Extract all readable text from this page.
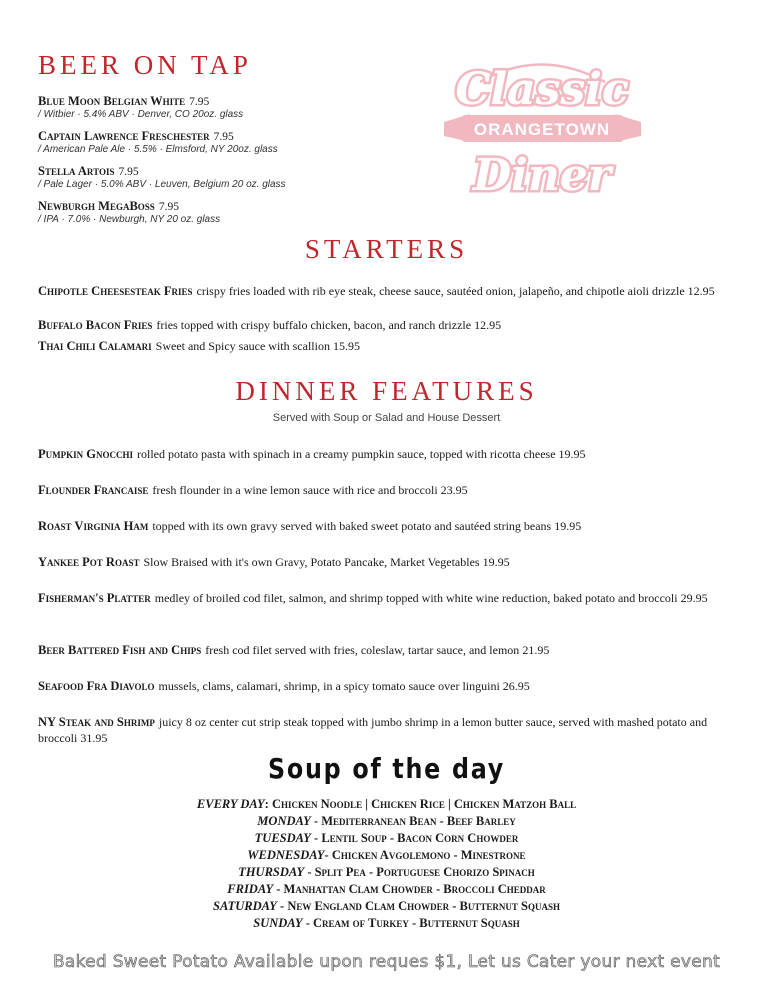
BEER ON TAP
Blue Moon Belgian White 7.95
/ Witbier · 5.4% ABV · Denver, CO 20oz. glass
Captain Lawrence Freschester 7.95
/ American Pale Ale · 5.5% · Elmsford, NY 20oz. glass
Stella Artois 7.95
/ Pale Lager · 5.0% ABV · Leuven, Belgium 20 oz. glass
Newburgh MegaBoss 7.95
/ IPA · 7.0% · Newburgh, NY 20 oz. glass
Classic
ORANGETOWN
Diner
STARTERS
Chipotle Cheesesteak Fries crispy fries loaded with rib eye steak, cheese sauce, sautéed onion, jalapeño, and chipotle aioli drizzle 12.95
Buffalo Bacon Fries fries topped with crispy buffalo chicken, bacon, and ranch drizzle 12.95
Thai Chili Calamari Sweet and Spicy sauce with scallion 15.95
DINNER FEATURES
Served with Soup or Salad and House Dessert
Pumpkin Gnocchi rolled potato pasta with spinach in a creamy pumpkin sauce, topped with ricotta cheese 19.95
Flounder Francaise fresh flounder in a wine lemon sauce with rice and broccoli 23.95
Roast Virginia Ham topped with its own gravy served with baked sweet potato and sautéed string beans 19.95
Yankee Pot Roast Slow Braised with it's own Gravy, Potato Pancake, Market Vegetables 19.95
Fisherman's Platter medley of broiled cod filet, salmon, and shrimp topped with white wine reduction, baked potato and broccoli 29.95
Beer Battered Fish and Chips fresh cod filet served with fries, coleslaw, tartar sauce, and lemon 21.95
Seafood Fra Diavolo mussels, clams, calamari, shrimp, in a spicy tomato sauce over linguini 26.95
NY Steak and Shrimp juicy 8 oz center cut strip steak topped with jumbo shrimp in a lemon butter sauce, served with mashed potato and broccoli 31.95
Soup of the day
EVERY DAY: Chicken Noodle | Chicken Rice | Chicken Matzoh Ball
MONDAY - Mediterranean Bean - Beef Barley
TUESDAY - Lentil Soup - Bacon Corn Chowder
WEDNESDAY- Chicken Avgolemono - Minestrone
THURSDAY - Split Pea - Portuguese Chorizo Spinach
FRIDAY - Manhattan Clam Chowder - Broccoli Cheddar
SATURDAY - New England Clam Chowder - Butternut Squash
SUNDAY - Cream of Turkey - Butternut Squash
Baked Sweet Potato Available upon reques $1, Let us Cater your next event
